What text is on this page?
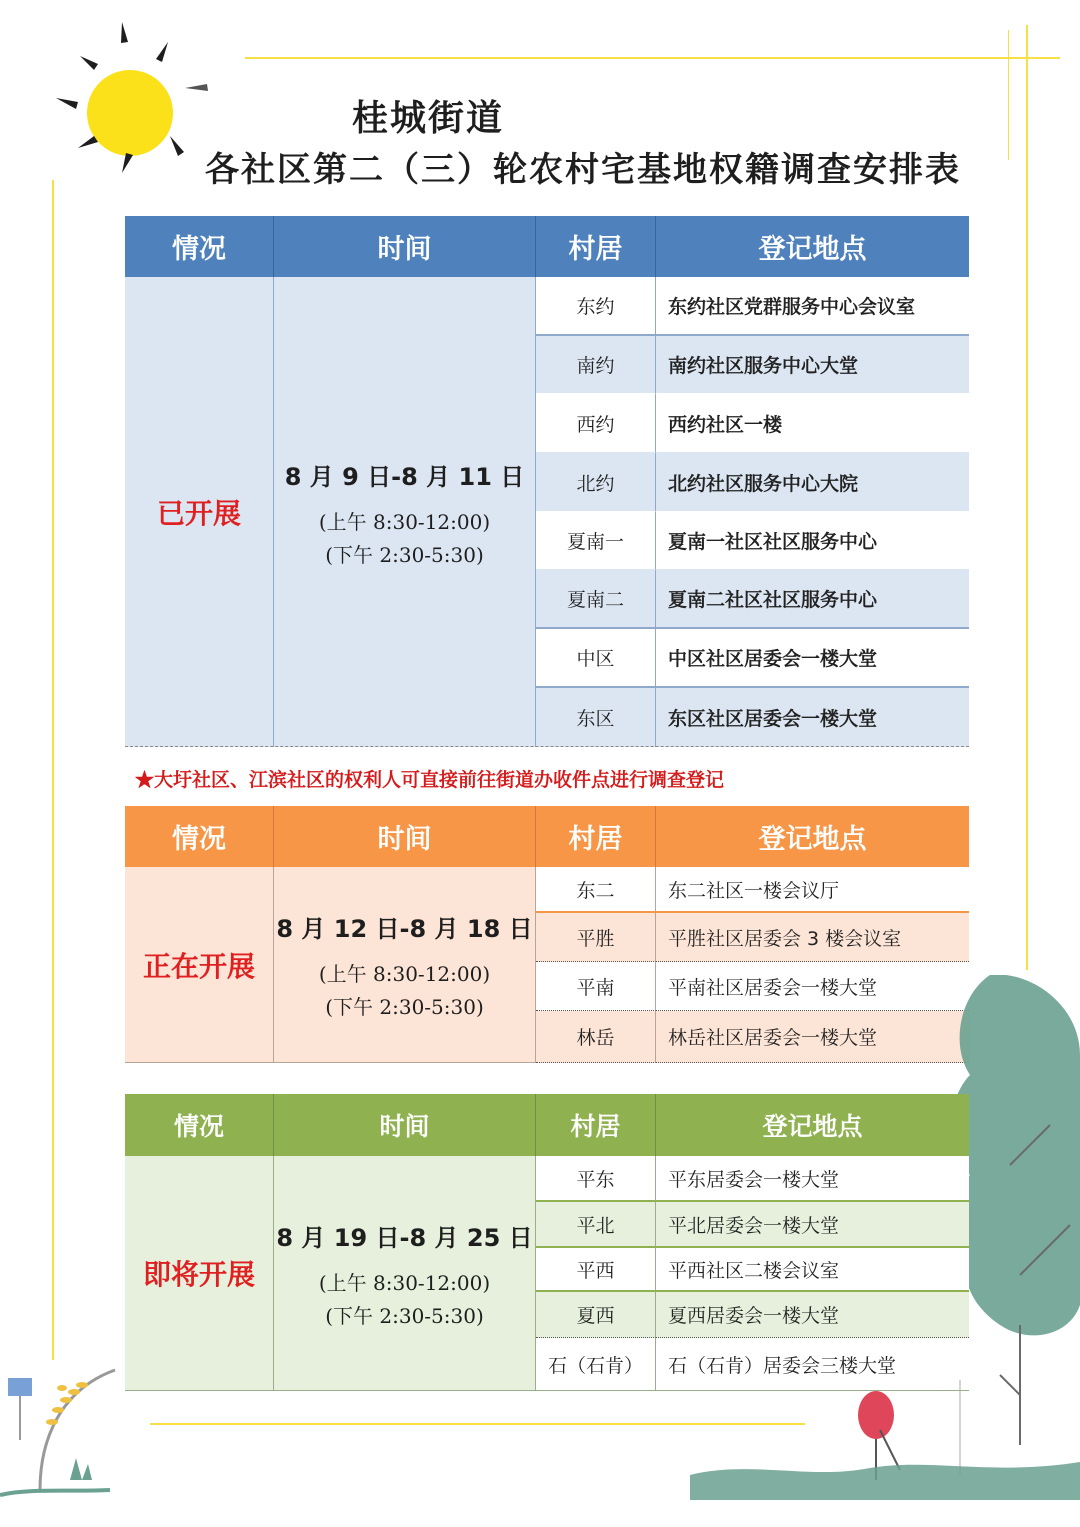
桂城街道
各社区第二（三）轮农村宅基地权籍调查安排表
情况	时间	村居	登记地点
已开展
8 月 9 日-8 月 11 日
(上午 8:30-12:00)
(下午 2:30-5:30)
东约	东约社区党群服务中心会议室
南约	南约社区服务中心大堂
西约	西约社区一楼
北约	北约社区服务中心大院
夏南一	夏南一社区社区服务中心
夏南二	夏南二社区社区服务中心
中区	中区社区居委会一楼大堂
东区	东区社区居委会一楼大堂
★大圩社区、江滨社区的权利人可直接前往街道办收件点进行调查登记
情况	时间	村居	登记地点
正在开展
8 月 12 日-8 月 18 日
(上午 8:30-12:00)
(下午 2:30-5:30)
东二	东二社区一楼会议厅
平胜	平胜社区居委会 3 楼会议室
平南	平南社区居委会一楼大堂
林岳	林岳社区居委会一楼大堂
情况	时间	村居	登记地点
即将开展
8 月 19 日-8 月 25 日
(上午 8:30-12:00)
(下午 2:30-5:30)
平东	平东居委会一楼大堂
平北	平北居委会一楼大堂
平西	平西社区二楼会议室
夏西	夏西居委会一楼大堂
石（石肯）	石（石肯）居委会三楼大堂
